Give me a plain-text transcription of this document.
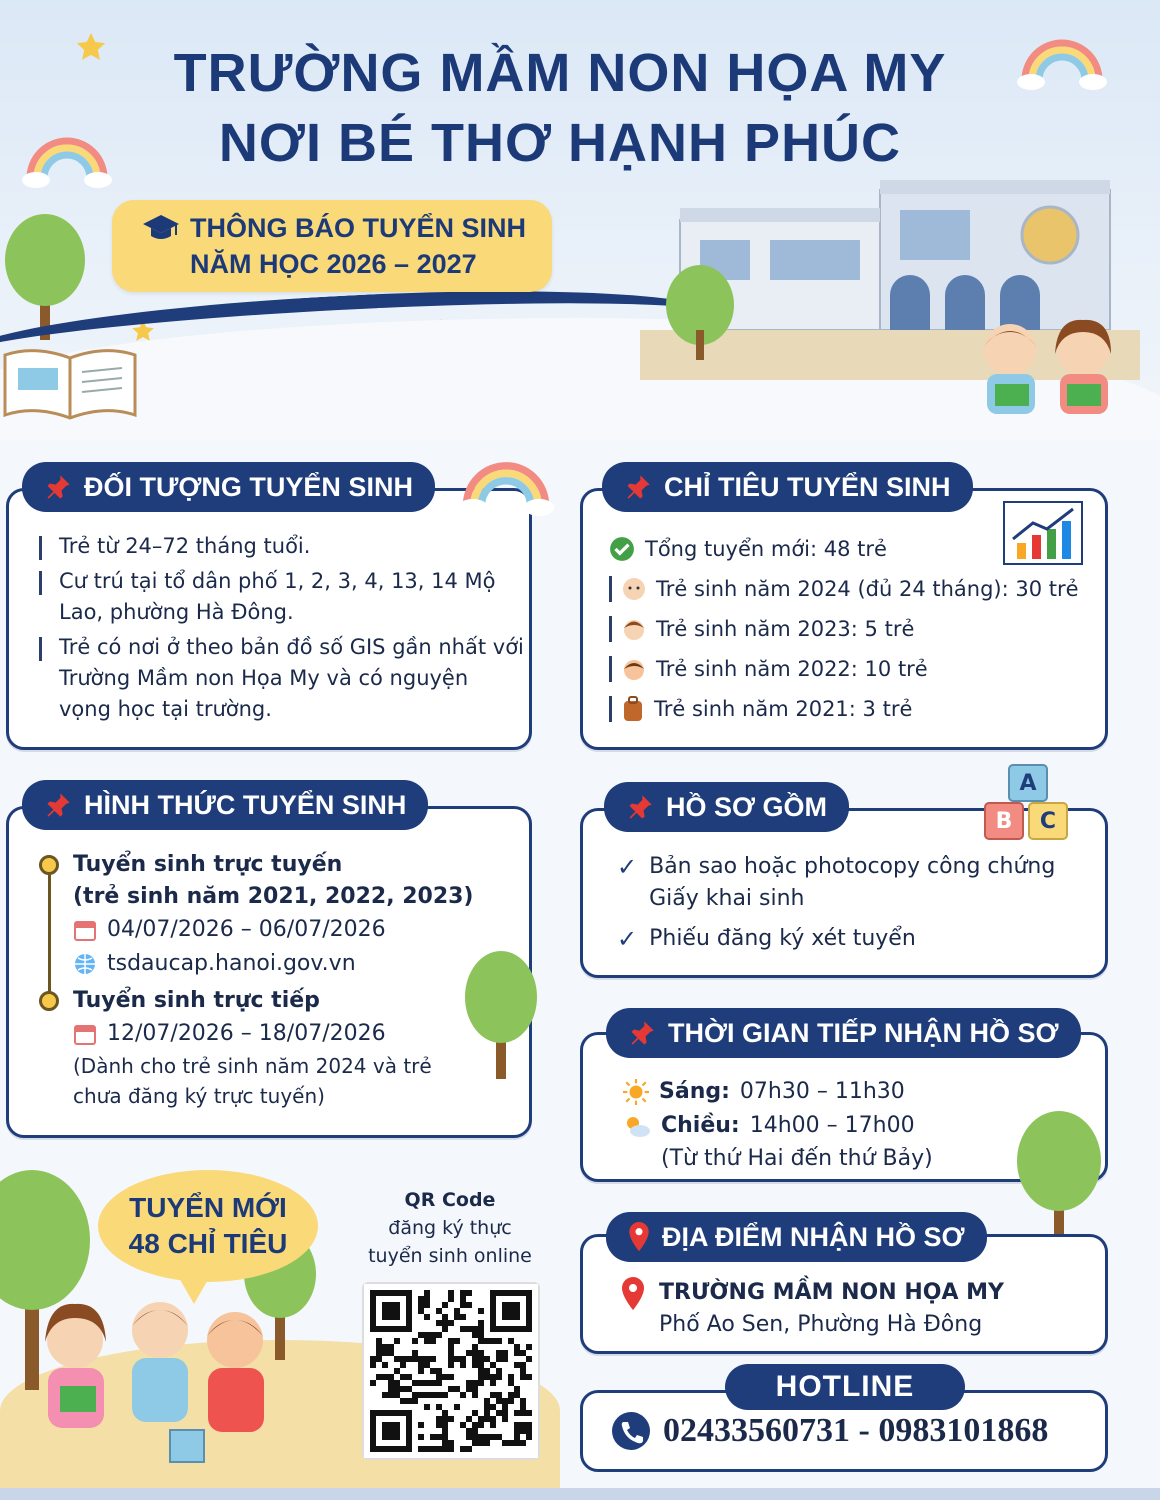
TRƯỜNG MẦM NON HỌA MY
NƠI BÉ THƠ HẠNH PHÚC
THÔNG BÁO TUYỂN SINH
NĂM HỌC 2026 – 2027
Trẻ từ 24–72 tháng tuổi.
Cư trú tại tổ dân phố 1, 2, 3, 4, 13, 14 Mộ Lao, phường Hà Đông.
Trẻ có nơi ở theo bản đồ số GIS gần nhất với Trường Mầm non Họa My và có nguyện vọng học tại trường.
ĐỐI TƯỢNG TUYỂN SINH
Tổng tuyển mới: 48 trẻ
Trẻ sinh năm 2024 (đủ 24 tháng): 30 trẻ
Trẻ sinh năm 2023: 5 trẻ
Trẻ sinh năm 2022: 10 trẻ
Trẻ sinh năm 2021: 3 trẻ
CHỈ TIÊU TUYỂN SINH
Tuyển sinh trực tuyến
(trẻ sinh năm 2021, 2022, 2023)
04/07/2026 – 06/07/2026
tsdaucap.hanoi.gov.vn
Tuyển sinh trực tiếp
12/07/2026 – 18/07/2026
(Dành cho trẻ sinh năm 2024 và trẻ chưa đăng ký trực tuyến)
HÌNH THỨC TUYỂN SINH
✓ Bản sao hoặc photocopy công chứng Giấy khai sinh
✓ Phiếu đăng ký xét tuyển
HỒ SƠ GỒM
A
B	C
Sáng: 07h30 – 11h30
Chiều: 14h00 – 17h00
(Từ thứ Hai đến thứ Bảy)
THỜI GIAN TIẾP NHẬN HỒ SƠ
TRƯỜNG MẦM NON HỌA MY
Phố Ao Sen, Phường Hà Đông
ĐỊA ĐIỂM NHẬN HỒ SƠ
02433560731 - 0983101868
HOTLINE
TUYỂN MỚI
48 CHỈ TIÊU
QR Code
đăng ký thực
tuyển sinh online
